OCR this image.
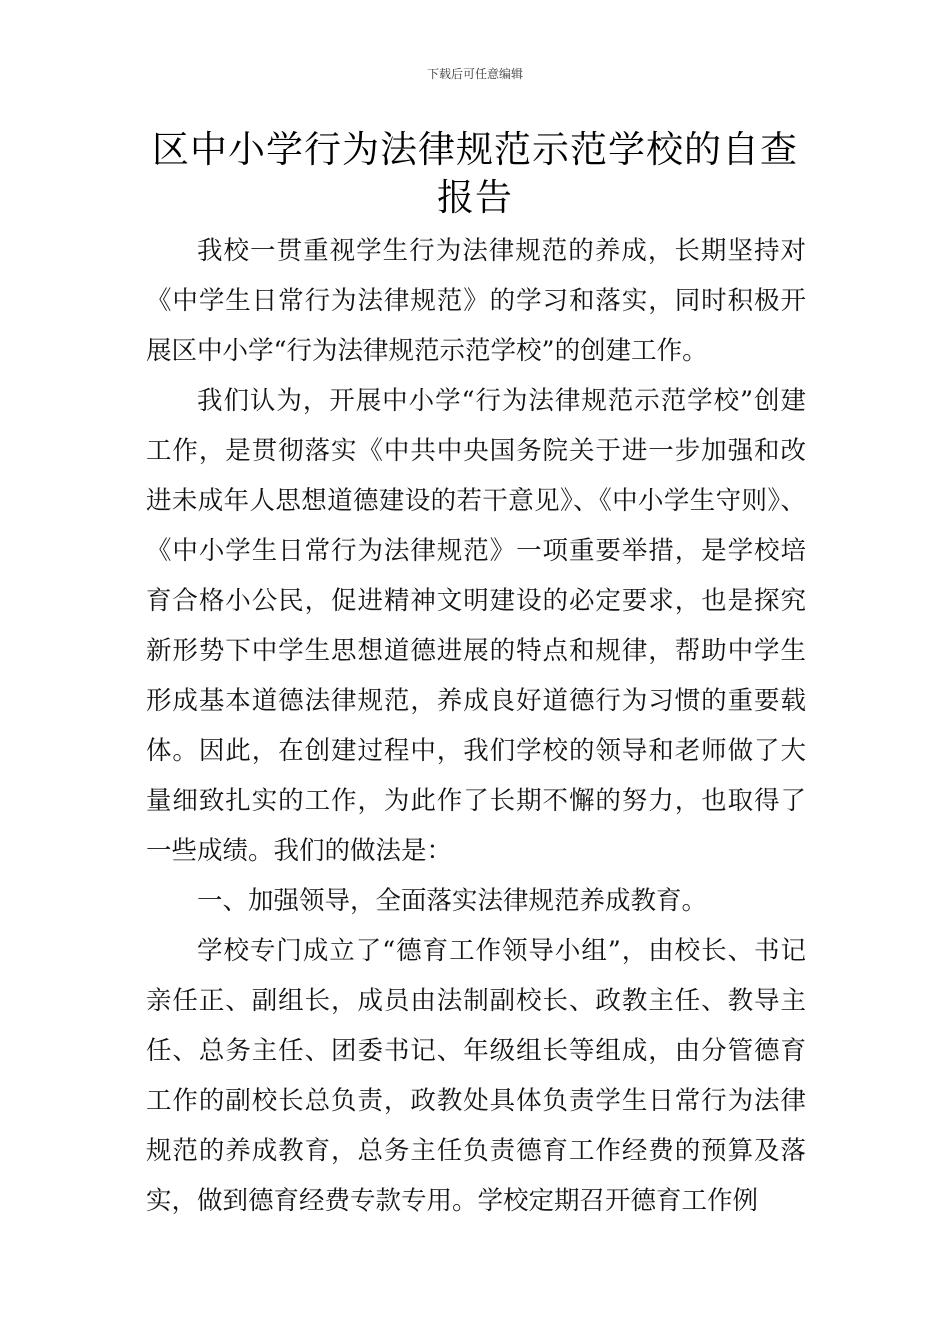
下载后可任意编辑
区中小学行为法律规范示范学校的自查报告

我校一贯重视学生行为法律规范的养成，长期坚持对《中学生日常行为法律规范》的学习和落实，同时积极开展区中小学“行为法律规范示范学校”的创建工作。

我们认为，开展中小学“行为法律规范示范学校”创建工作，是贯彻落实《中共中央国务院关于进一步加强和改进未成年人思想道德建设的若干意见》、《中小学生守则》、《中小学生日常行为法律规范》一项重要举措，是学校培育合格小公民，促进精神文明建设的必定要求，也是探究新形势下中学生思想道德进展的特点和规律，帮助中学生形成基本道德法律规范，养成良好道德行为习惯的重要载体。因此，在创建过程中，我们学校的领导和老师做了大量细致扎实的工作，为此作了长期不懈的努力，也取得了一些成绩。我们的做法是：

一、加强领导，全面落实法律规范养成教育。

学校专门成立了“德育工作领导小组”，由校长、书记亲任正、副组长，成员由法制副校长、政教主任、教导主任、总务主任、团委书记、年级组长等组成，由分管德育工作的副校长总负责，政教处具体负责学生日常行为法律规范的养成教育，总务主任负责德育工作经费的预算及落实，做到德育经费专款专用。学校定期召开德育工作例
